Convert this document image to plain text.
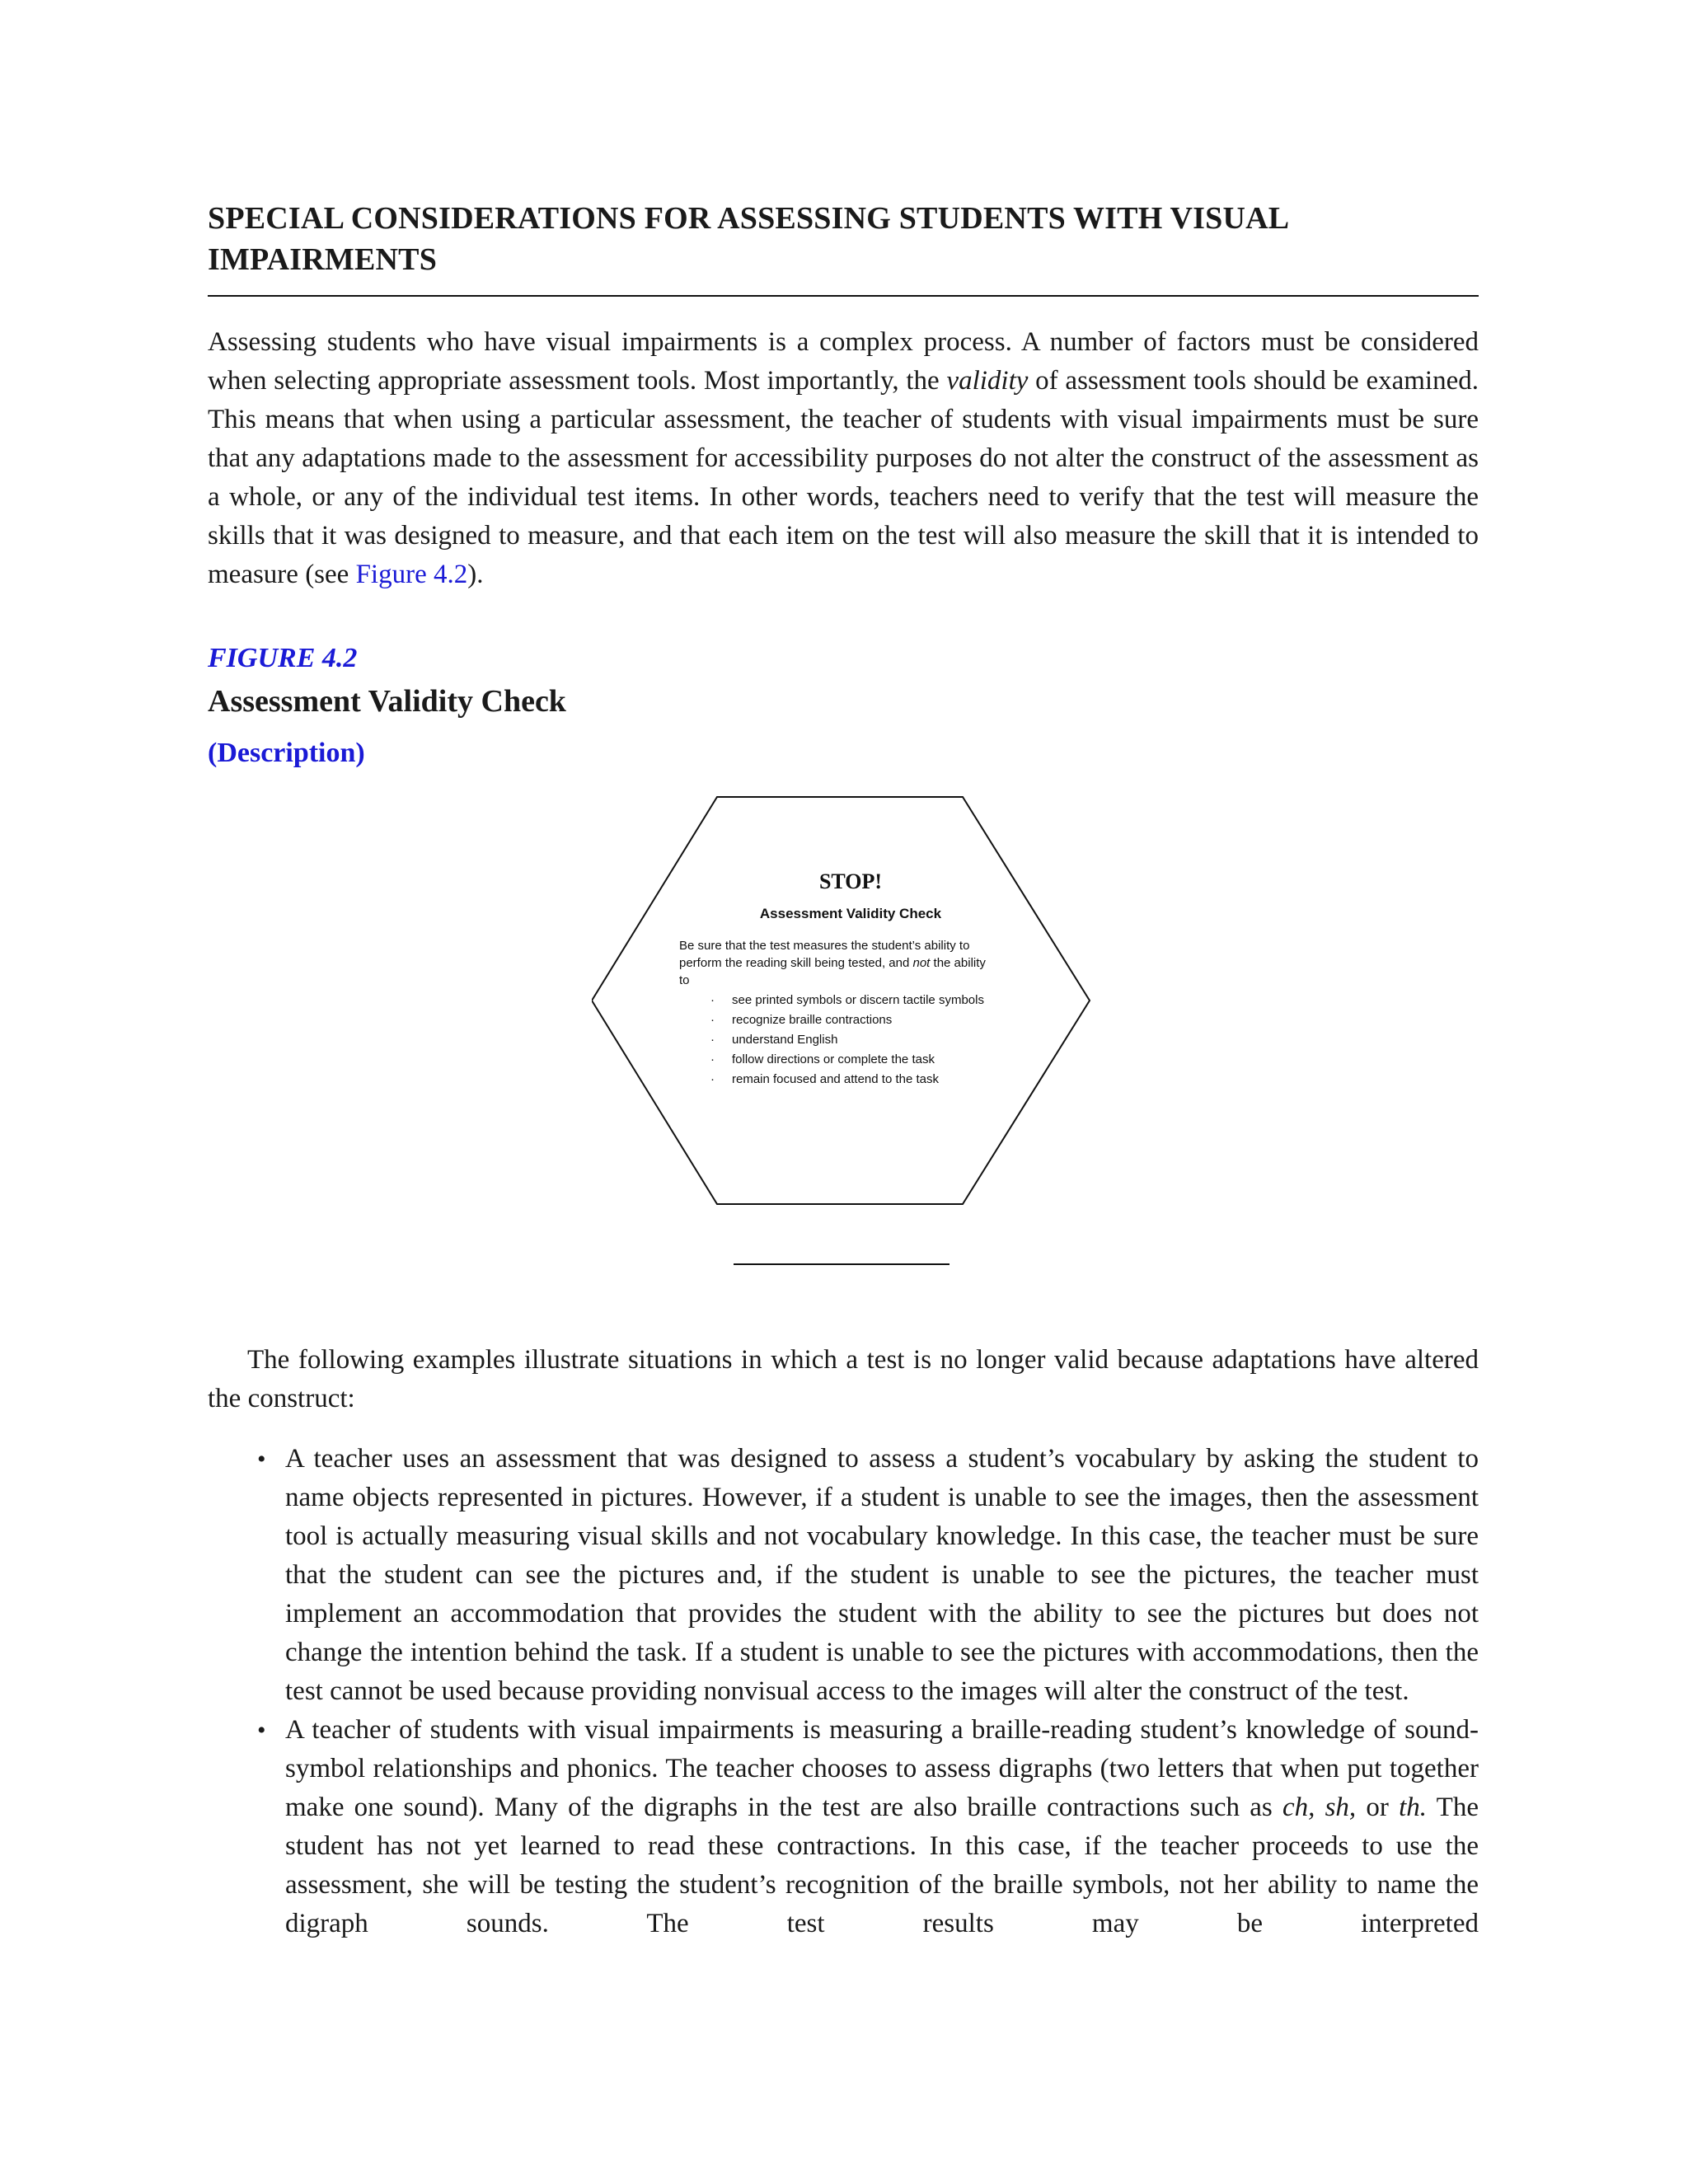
SPECIAL CONSIDERATIONS FOR ASSESSING STUDENTS WITH VISUAL IMPAIRMENTS

Assessing students who have visual impairments is a complex process. A number of factors must be considered when selecting appropriate assessment tools. Most importantly, the validity of assessment tools should be examined. This means that when using a particular assessment, the teacher of students with visual impairments must be sure that any adaptations made to the assessment for accessibility purposes do not alter the construct of the assessment as a whole, or any of the individual test items. In other words, teachers need to verify that the test will measure the skills that it was designed to measure, and that each item on the test will also measure the skill that it is intended to measure (see Figure 4.2).

FIGURE 4.2
Assessment Validity Check
(Description)
STOP!
Assessment Validity Check
Be sure that the test measures the student’s ability to perform the reading skill being tested, and not the ability to
· see printed symbols or discern tactile symbols
· recognize braille contractions
· understand English
· follow directions or complete the task
· remain focused and attend to the task

The following examples illustrate situations in which a test is no longer valid because adaptations have altered the construct:

• A teacher uses an assessment that was designed to assess a student’s vocabulary by asking the student to name objects represented in pictures. However, if a student is unable to see the images, then the assessment tool is actually measuring visual skills and not vocabulary knowledge. In this case, the teacher must be sure that the student can see the pictures and, if the student is unable to see the pictures, the teacher must implement an accommodation that provides the student with the ability to see the pictures but does not change the intention behind the task. If a student is unable to see the pictures with accommodations, then the test cannot be used because providing nonvisual access to the images will alter the construct of the test.
• A teacher of students with visual impairments is measuring a braille-reading student’s knowledge of sound-symbol relationships and phonics. The teacher chooses to assess digraphs (two letters that when put together make one sound). Many of the digraphs in the test are also braille contractions such as ch, sh, or th. The student has not yet learned to read these contractions. In this case, if the teacher proceeds to use the assessment, she will be testing the student’s recognition of the braille symbols, not her ability to name the digraph sounds. The test results may be interpreted
